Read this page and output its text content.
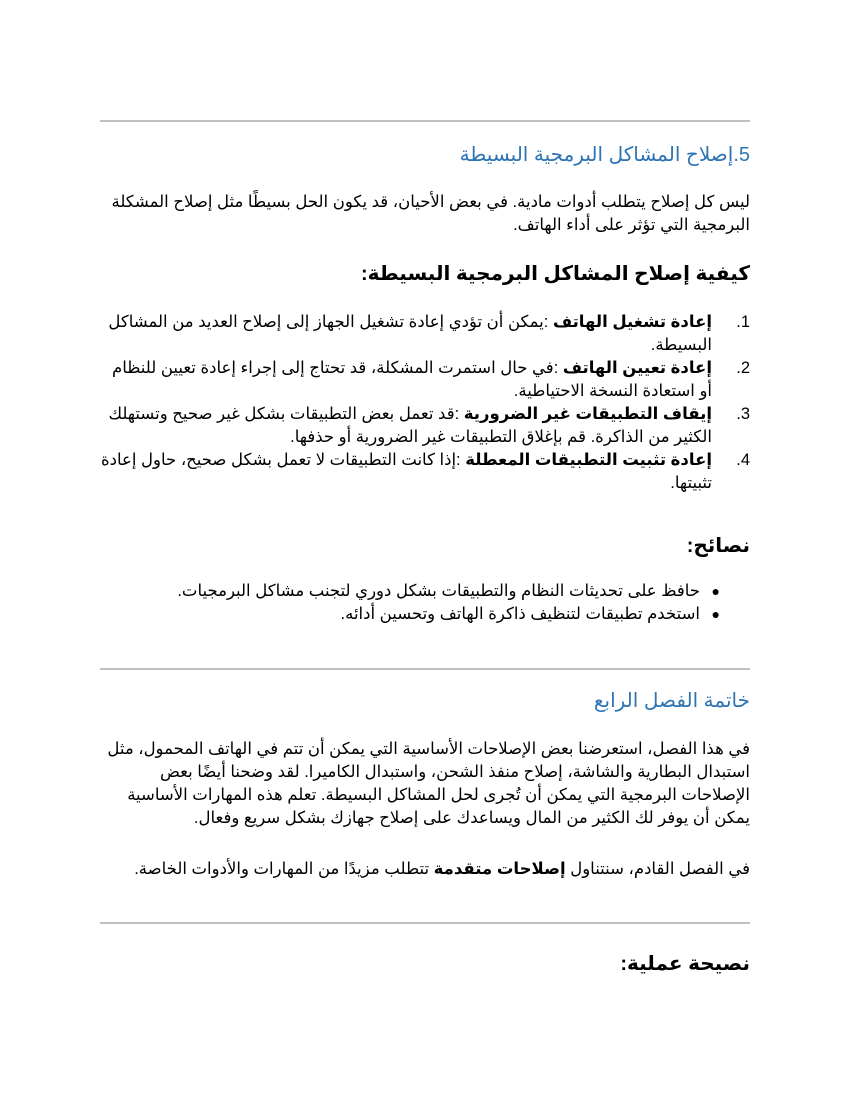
5.إصلاح المشاكل البرمجية البسيطة
ليس كل إصلاح يتطلب أدوات مادية. في بعض الأحيان، قد يكون الحل بسيطًا مثل إصلاح المشكلة البرمجية التي تؤثر على أداء الهاتف.
كيفية إصلاح المشاكل البرمجية البسيطة:
1 .
إعادة تشغيل الهاتف :يمكن أن تؤدي إعادة تشغيل الجهاز إلى إصلاح العديد من المشاكل البسيطة.
2 .
إعادة تعيين الهاتف :في حال استمرت المشكلة، قد تحتاج إلى إجراء إعادة تعيين للنظام أو استعادة النسخة الاحتياطية.
3 .
إيقاف التطبيقات غير الضرورية :قد تعمل بعض التطبيقات بشكل غير صحيح وتستهلك الكثير من الذاكرة. قم بإغلاق التطبيقات غير الضرورية أو حذفها.
4 .
إعادة تثبيت التطبيقات المعطلة :إذا كانت التطبيقات لا تعمل بشكل صحيح، حاول إعادة تثبيتها.
نصائح:
●
حافظ على تحديثات النظام والتطبيقات بشكل دوري لتجنب مشاكل البرمجيات.
●
استخدم تطبيقات لتنظيف ذاكرة الهاتف وتحسين أدائه.
خاتمة الفصل الرابع
في هذا الفصل، استعرضنا بعض الإصلاحات الأساسية التي يمكن أن تتم في الهاتف المحمول، مثل استبدال البطارية والشاشة، إصلاح منفذ الشحن، واستبدال الكاميرا. لقد وضحنا أيضًا بعض الإصلاحات البرمجية التي يمكن أن تُجرى لحل المشاكل البسيطة. تعلم هذه المهارات الأساسية يمكن أن يوفر لك الكثير من المال ويساعدك على إصلاح جهازك بشكل سريع وفعال.
في الفصل القادم، سنتناول إصلاحات متقدمة تتطلب مزيدًا من المهارات والأدوات الخاصة.
نصيحة عملية:
